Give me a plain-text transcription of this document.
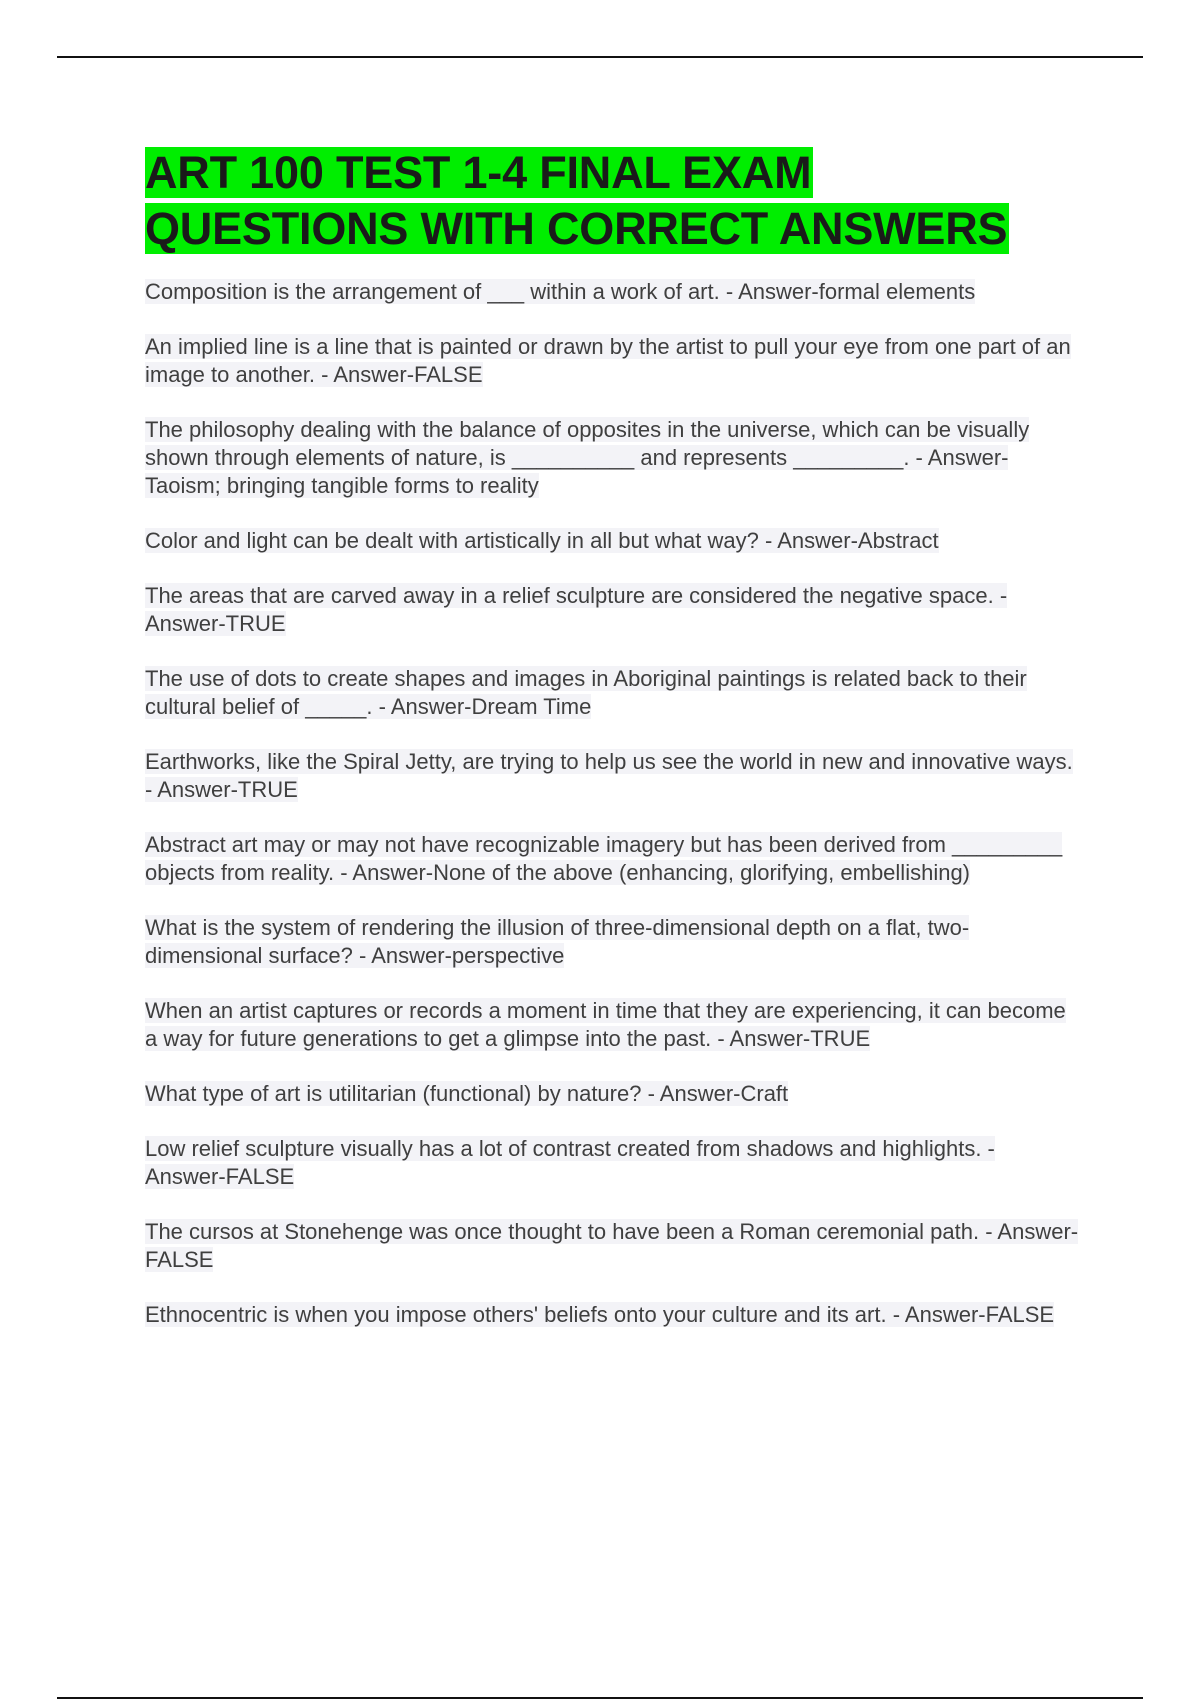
ART 100 TEST 1-4 FINAL EXAM
QUESTIONS WITH CORRECT ANSWERS
Composition is the arrangement of ___ within a work of art. - Answer-formal elements
An implied line is a line that is painted or drawn by the artist to pull your eye from one part of an image to another. - Answer-FALSE
The philosophy dealing with the balance of opposites in the universe, which can be visually shown through elements of nature, is __________ and represents _________. - Answer-Taoism; bringing tangible forms to reality
Color and light can be dealt with artistically in all but what way? - Answer-Abstract
The areas that are carved away in a relief sculpture are considered the negative space. - Answer-TRUE
The use of dots to create shapes and images in Aboriginal paintings is related back to their cultural belief of _____. - Answer-Dream Time
Earthworks, like the Spiral Jetty, are trying to help us see the world in new and innovative ways. - Answer-TRUE
Abstract art may or may not have recognizable imagery but has been derived from _________ objects from reality. - Answer-None of the above (enhancing, glorifying, embellishing)
What is the system of rendering the illusion of three-dimensional depth on a flat, two-dimensional surface? - Answer-perspective
When an artist captures or records a moment in time that they are experiencing, it can become a way for future generations to get a glimpse into the past. - Answer-TRUE
What type of art is utilitarian (functional) by nature? - Answer-Craft
Low relief sculpture visually has a lot of contrast created from shadows and highlights. - Answer-FALSE
The cursos at Stonehenge was once thought to have been a Roman ceremonial path. - Answer-FALSE
Ethnocentric is when you impose others' beliefs onto your culture and its art. - Answer-FALSE
